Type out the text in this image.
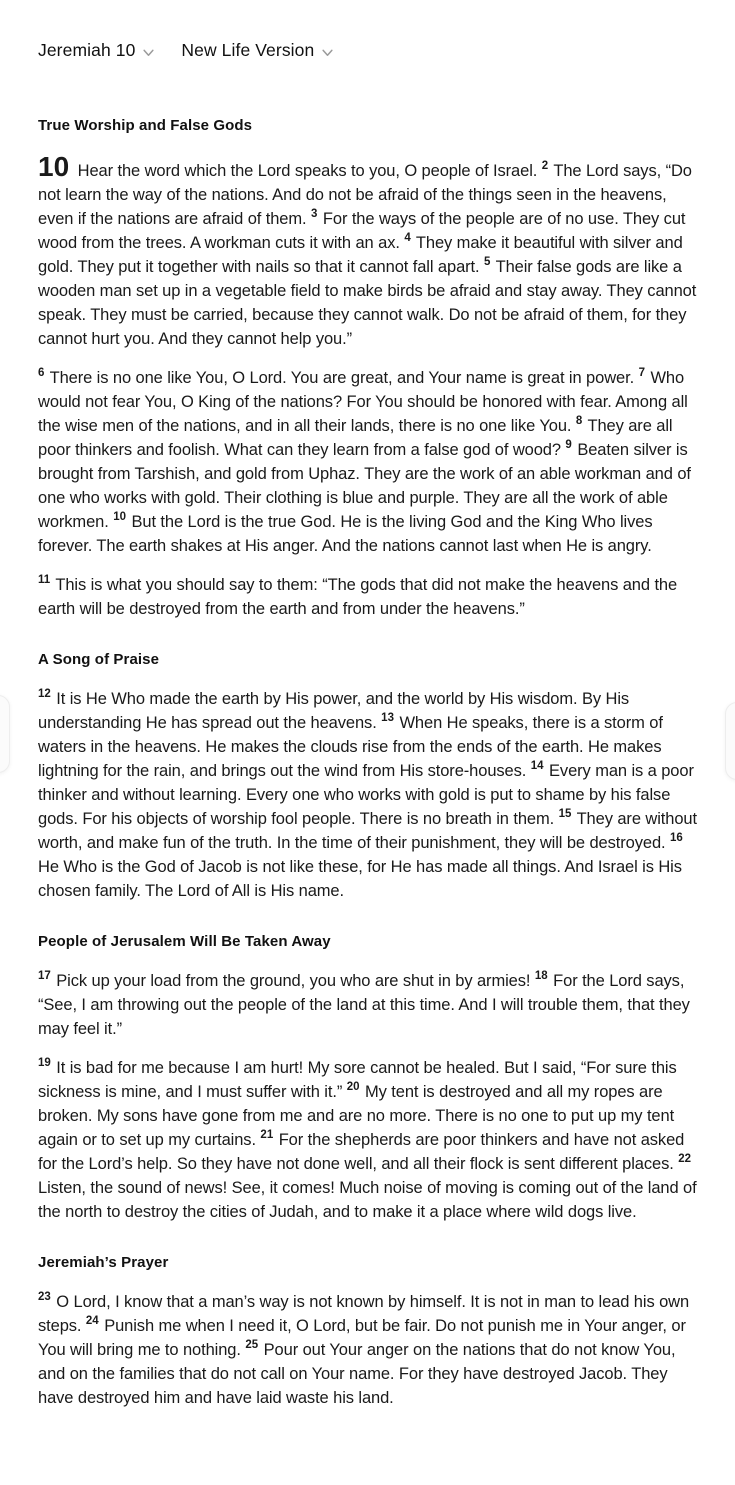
Jeremiah 10	New Life Version
True Worship and False Gods

10 Hear the word which the Lord speaks to you, O people of Israel. $^2$ The Lord says, “Do not learn the way of the nations. And do not be afraid of the things seen in the heavens, even if the nations are afraid of them. $^3$ For the ways of the people are of no use. They cut wood from the trees. A workman cuts it with an ax. $^4$ They make it beautiful with silver and gold. They put it together with nails so that it cannot fall apart. $^5$ Their false gods are like a wooden man set up in a vegetable field to make birds be afraid and stay away. They cannot speak. They must be carried, because they cannot walk. Do not be afraid of them, for they cannot hurt you. And they cannot help you.”

$^6$ There is no one like You, O Lord. You are great, and Your name is great in power. $^7$ Who would not fear You, O King of the nations? For You should be honored with fear. Among all the wise men of the nations, and in all their lands, there is no one like You. $^8$ They are all poor thinkers and foolish. What can they learn from a false god of wood? $^9$ Beaten silver is brought from Tarshish, and gold from Uphaz. They are the work of an able workman and of one who works with gold. Their clothing is blue and purple. They are all the work of able workmen. $^{10}$ But the Lord is the true God. He is the living God and the King Who lives forever. The earth shakes at His anger. And the nations cannot last when He is angry.

$^{11}$ This is what you should say to them: “The gods that did not make the heavens and the earth will be destroyed from the earth and from under the heavens.”

A Song of Praise

$^{12}$ It is He Who made the earth by His power, and the world by His wisdom. By His understanding He has spread out the heavens. $^{13}$ When He speaks, there is a storm of waters in the heavens. He makes the clouds rise from the ends of the earth. He makes lightning for the rain, and brings out the wind from His store-houses. $^{14}$ Every man is a poor thinker and without learning. Every one who works with gold is put to shame by his false gods. For his objects of worship fool people. There is no breath in them. $^{15}$ They are without worth, and make fun of the truth. In the time of their punishment, they will be destroyed. $^{16}$ He Who is the God of Jacob is not like these, for He has made all things. And Israel is His chosen family. The Lord of All is His name.

People of Jerusalem Will Be Taken Away

$^{17}$ Pick up your load from the ground, you who are shut in by armies! $^{18}$ For the Lord says, “See, I am throwing out the people of the land at this time. And I will trouble them, that they may feel it.”

$^{19}$ It is bad for me because I am hurt! My sore cannot be healed. But I said, “For sure this sickness is mine, and I must suffer with it.” $^{20}$ My tent is destroyed and all my ropes are broken. My sons have gone from me and are no more. There is no one to put up my tent again or to set up my curtains. $^{21}$ For the shepherds are poor thinkers and have not asked for the Lord’s help. So they have not done well, and all their flock is sent different places. $^{22}$ Listen, the sound of news! See, it comes! Much noise of moving is coming out of the land of the north to destroy the cities of Judah, and to make it a place where wild dogs live.

Jeremiah’s Prayer

$^{23}$ O Lord, I know that a man’s way is not known by himself. It is not in man to lead his own steps. $^{24}$ Punish me when I need it, O Lord, but be fair. Do not punish me in Your anger, or You will bring me to nothing. $^{25}$ Pour out Your anger on the nations that do not know You, and on the families that do not call on Your name. For they have destroyed Jacob. They have destroyed him and have laid waste his land.
